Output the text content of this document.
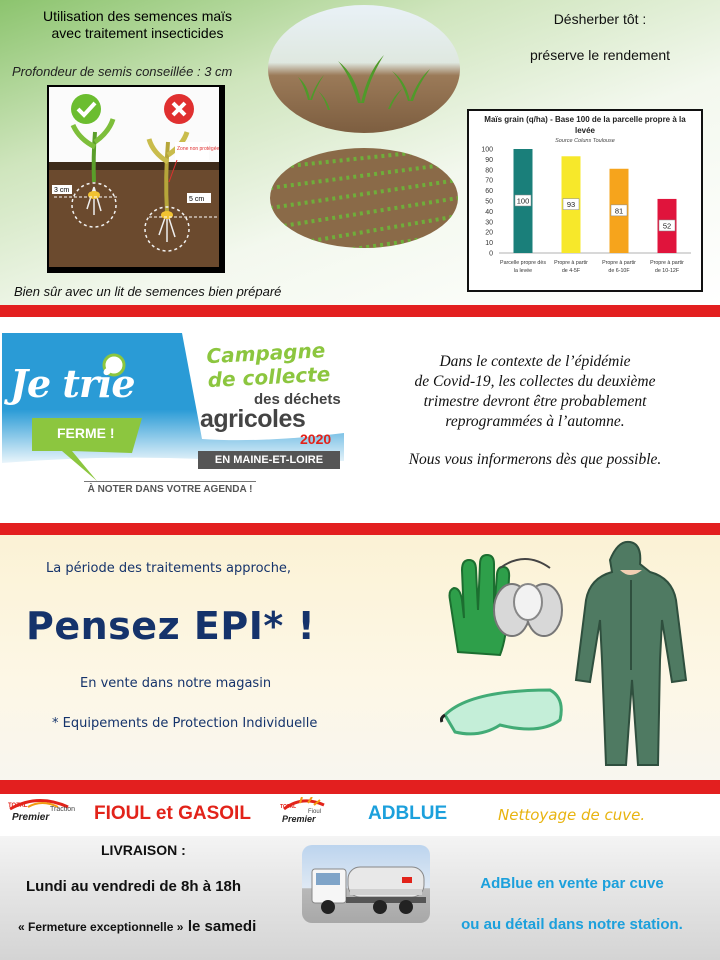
Utilisation des semences maïs
avec traitement insecticides
Profondeur de semis conseillée : 3 cm
3 cm
5 cm
Zone non protégée
Bien sûr avec un lit de semences bien préparé
Désherber tôt :
préserve le rendement
Maïs grain (q/ha) - Base 100 de la parcelle propre à la levée
Source Coluns Toulouse
0
10
20
30
40
50
60
70
80
90
100
100
Parcelle propre dès
la levée
93
Propre à partir
de 4-5F
81
Propre à partir
de 6-10F
52
Propre à partir
de 10-12F
Je trie
FERME !
Campagne
de collecte
des déchets
agricoles
2020
EN MAINE-ET-LOIRE
À NOTER DANS VOTRE AGENDA !
Dans le contexte de l’épidémie
de Covid-19, les collectes du deuxième
trimestre devront être probablement
reprogrammées à l’automne.
Nous vous informerons dès que possible.
La période des traitements approche,
Pensez EPI* !
En vente dans notre magasin
* Equipements de Protection Individuelle
TOTAL	Traction
Premier FIOUL et GASOIL	TOTAL
Fioul
Premier	ADBLUE	Nettoyage de cuve.
LIVRAISON :
Lundi au vendredi de 8h à 18h
« Fermeture exceptionnelle » le samedi
AdBlue en vente par cuve
ou au détail dans notre station.
